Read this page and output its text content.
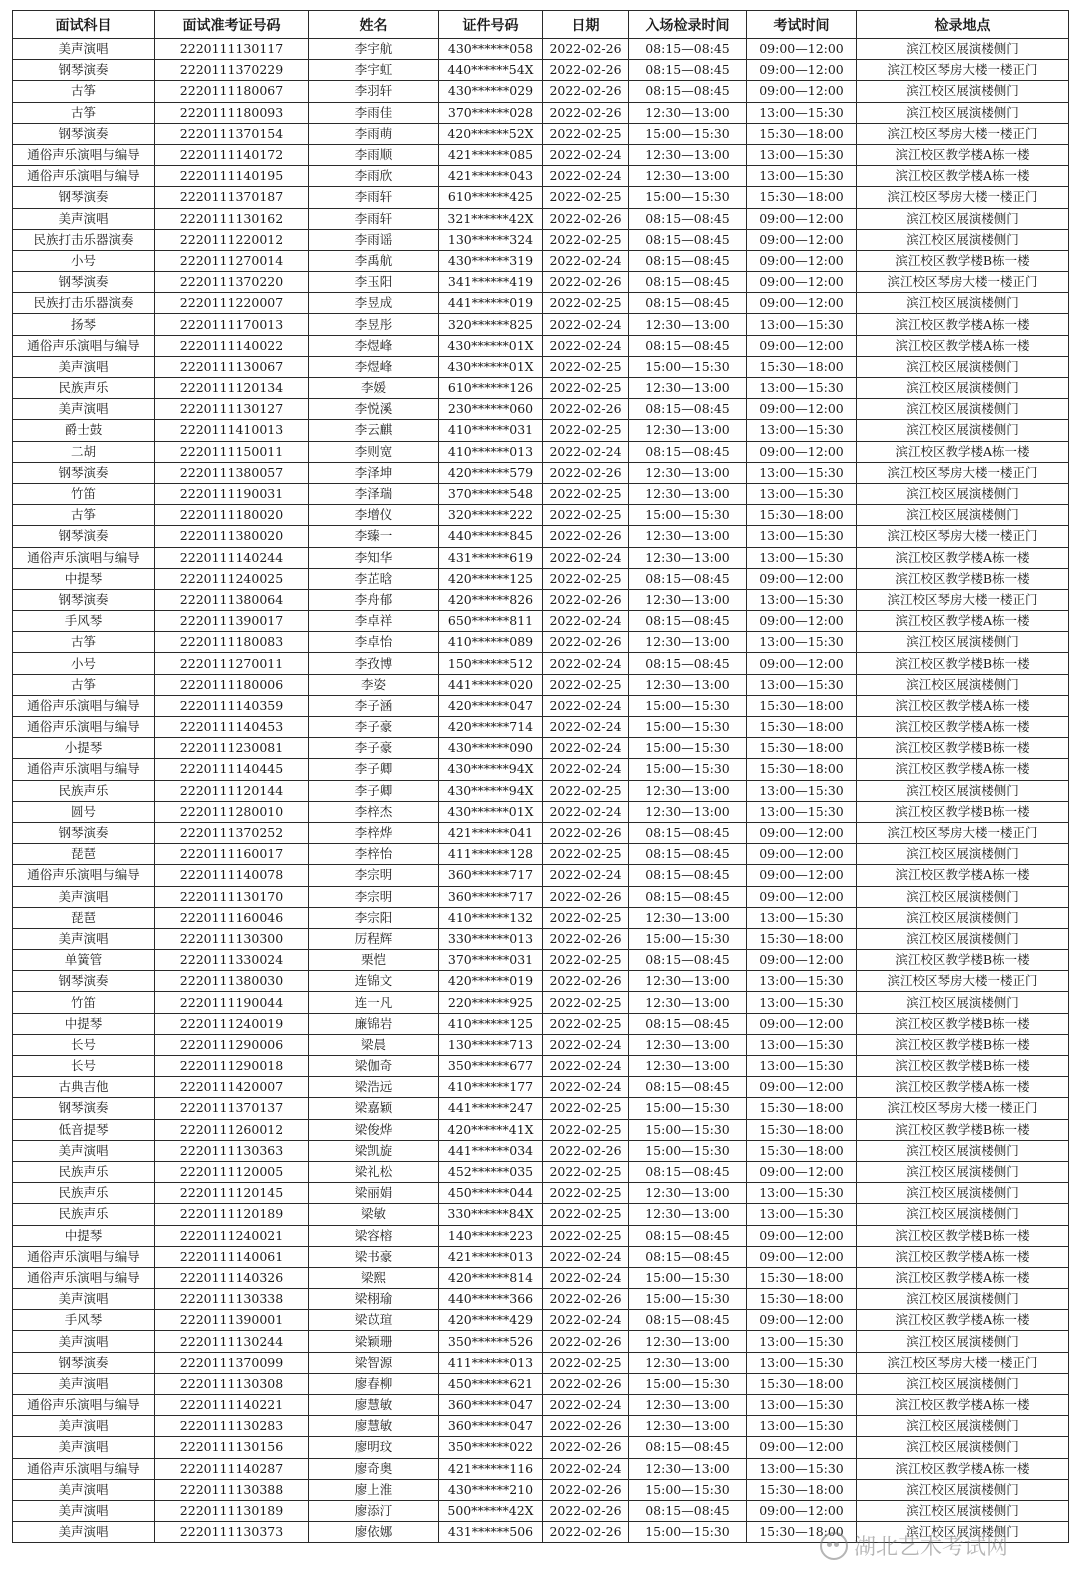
面试科目	面试准考证号码	姓名	证件号码	日期	入场检录时间	考试时间	检录地点
美声演唱	2220111130117	李宇航	430******058	2022-02-26	08:15—08:45	09:00—12:00	滨江校区展演楼侧门
钢琴演奏	2220111370229	李宇虹	440******54X	2022-02-26	08:15—08:45	09:00—12:00	滨江校区琴房大楼一楼正门
古筝	2220111180067	李羽轩	430******029	2022-02-26	08:15—08:45	09:00—12:00	滨江校区展演楼侧门
古筝	2220111180093	李雨佳	370******028	2022-02-26	12:30—13:00	13:00—15:30	滨江校区展演楼侧门
钢琴演奏	2220111370154	李雨萌	420******52X	2022-02-25	15:00—15:30	15:30—18:00	滨江校区琴房大楼一楼正门
通俗声乐演唱与编导	2220111140172	李雨顺	421******085	2022-02-24	12:30—13:00	13:00—15:30	滨江校区教学楼A栋一楼
通俗声乐演唱与编导	2220111140195	李雨欣	421******043	2022-02-24	12:30—13:00	13:00—15:30	滨江校区教学楼A栋一楼
钢琴演奏	2220111370187	李雨轩	610******425	2022-02-25	15:00—15:30	15:30—18:00	滨江校区琴房大楼一楼正门
美声演唱	2220111130162	李雨轩	321******42X	2022-02-26	08:15—08:45	09:00—12:00	滨江校区展演楼侧门
民族打击乐器演奏	2220111220012	李雨谣	130******324	2022-02-25	08:15—08:45	09:00—12:00	滨江校区展演楼侧门
小号	2220111270014	李禹航	430******319	2022-02-24	08:15—08:45	09:00—12:00	滨江校区教学楼B栋一楼
钢琴演奏	2220111370220	李玉阳	341******419	2022-02-26	08:15—08:45	09:00—12:00	滨江校区琴房大楼一楼正门
民族打击乐器演奏	2220111220007	李昱成	441******019	2022-02-25	08:15—08:45	09:00—12:00	滨江校区展演楼侧门
扬琴	2220111170013	李昱彤	320******825	2022-02-24	12:30—13:00	13:00—15:30	滨江校区教学楼A栋一楼
通俗声乐演唱与编导	2220111140022	李煜峰	430******01X	2022-02-24	08:15—08:45	09:00—12:00	滨江校区教学楼A栋一楼
美声演唱	2220111130067	李煜峰	430******01X	2022-02-25	15:00—15:30	15:30—18:00	滨江校区展演楼侧门
民族声乐	2220111120134	李媛	610******126	2022-02-25	12:30—13:00	13:00—15:30	滨江校区展演楼侧门
美声演唱	2220111130127	李悦溪	230******060	2022-02-26	08:15—08:45	09:00—12:00	滨江校区展演楼侧门
爵士鼓	2220111410013	李云麒	410******031	2022-02-25	12:30—13:00	13:00—15:30	滨江校区展演楼侧门
二胡	2220111150011	李则宽	410******013	2022-02-24	08:15—08:45	09:00—12:00	滨江校区教学楼A栋一楼
钢琴演奏	2220111380057	李泽坤	420******579	2022-02-26	12:30—13:00	13:00—15:30	滨江校区琴房大楼一楼正门
竹笛	2220111190031	李泽瑞	370******548	2022-02-25	12:30—13:00	13:00—15:30	滨江校区展演楼侧门
古筝	2220111180020	李增仪	320******222	2022-02-25	15:00—15:30	15:30—18:00	滨江校区展演楼侧门
钢琴演奏	2220111380020	李臻一	440******845	2022-02-26	12:30—13:00	13:00—15:30	滨江校区琴房大楼一楼正门
通俗声乐演唱与编导	2220111140244	李知华	431******619	2022-02-24	12:30—13:00	13:00—15:30	滨江校区教学楼A栋一楼
中提琴	2220111240025	李芷晗	420******125	2022-02-25	08:15—08:45	09:00—12:00	滨江校区教学楼B栋一楼
钢琴演奏	2220111380064	李舟郁	420******826	2022-02-26	12:30—13:00	13:00—15:30	滨江校区琴房大楼一楼正门
手风琴	2220111390017	李卓祥	650******811	2022-02-24	08:15—08:45	09:00—12:00	滨江校区教学楼A栋一楼
古筝	2220111180083	李卓怡	410******089	2022-02-26	12:30—13:00	13:00—15:30	滨江校区展演楼侧门
小号	2220111270011	李孜博	150******512	2022-02-24	08:15—08:45	09:00—12:00	滨江校区教学楼B栋一楼
古筝	2220111180006	李姿	441******020	2022-02-25	12:30—13:00	13:00—15:30	滨江校区展演楼侧门
通俗声乐演唱与编导	2220111140359	李子涵	420******047	2022-02-24	15:00—15:30	15:30—18:00	滨江校区教学楼A栋一楼
通俗声乐演唱与编导	2220111140453	李子豪	420******714	2022-02-24	15:00—15:30	15:30—18:00	滨江校区教学楼A栋一楼
小提琴	2220111230081	李子豪	430******090	2022-02-24	15:00—15:30	15:30—18:00	滨江校区教学楼B栋一楼
通俗声乐演唱与编导	2220111140445	李子卿	430******94X	2022-02-24	15:00—15:30	15:30—18:00	滨江校区教学楼A栋一楼
民族声乐	2220111120144	李子卿	430******94X	2022-02-25	12:30—13:00	13:00—15:30	滨江校区展演楼侧门
圆号	2220111280010	李梓杰	430******01X	2022-02-24	12:30—13:00	13:00—15:30	滨江校区教学楼B栋一楼
钢琴演奏	2220111370252	李梓烨	421******041	2022-02-26	08:15—08:45	09:00—12:00	滨江校区琴房大楼一楼正门
琵琶	2220111160017	李梓怡	411******128	2022-02-25	08:15—08:45	09:00—12:00	滨江校区展演楼侧门
通俗声乐演唱与编导	2220111140078	李宗明	360******717	2022-02-24	08:15—08:45	09:00—12:00	滨江校区教学楼A栋一楼
美声演唱	2220111130170	李宗明	360******717	2022-02-26	08:15—08:45	09:00—12:00	滨江校区展演楼侧门
琵琶	2220111160046	李宗阳	410******132	2022-02-25	12:30—13:00	13:00—15:30	滨江校区展演楼侧门
美声演唱	2220111130300	厉程辉	330******013	2022-02-26	15:00—15:30	15:30—18:00	滨江校区展演楼侧门
单簧管	2220111330024	栗恺	370******031	2022-02-25	08:15—08:45	09:00—12:00	滨江校区教学楼B栋一楼
钢琴演奏	2220111380030	连锦文	420******019	2022-02-26	12:30—13:00	13:00—15:30	滨江校区琴房大楼一楼正门
竹笛	2220111190044	连一凡	220******925	2022-02-25	12:30—13:00	13:00—15:30	滨江校区展演楼侧门
中提琴	2220111240019	廉锦岩	410******125	2022-02-25	08:15—08:45	09:00—12:00	滨江校区教学楼B栋一楼
长号	2220111290006	梁晨	130******713	2022-02-24	12:30—13:00	13:00—15:30	滨江校区教学楼B栋一楼
长号	2220111290018	梁伽奇	350******677	2022-02-24	12:30—13:00	13:00—15:30	滨江校区教学楼B栋一楼
古典吉他	2220111420007	梁浩远	410******177	2022-02-24	08:15—08:45	09:00—12:00	滨江校区教学楼A栋一楼
钢琴演奏	2220111370137	梁嘉颖	441******247	2022-02-25	15:00—15:30	15:30—18:00	滨江校区琴房大楼一楼正门
低音提琴	2220111260012	梁俊烨	420******41X	2022-02-25	15:00—15:30	15:30—18:00	滨江校区教学楼B栋一楼
美声演唱	2220111130363	梁凯旋	441******034	2022-02-26	15:00—15:30	15:30—18:00	滨江校区展演楼侧门
民族声乐	2220111120005	梁礼松	452******035	2022-02-25	08:15—08:45	09:00—12:00	滨江校区展演楼侧门
民族声乐	2220111120145	梁丽娟	450******044	2022-02-25	12:30—13:00	13:00—15:30	滨江校区展演楼侧门
民族声乐	2220111120189	梁敏	330******84X	2022-02-25	12:30—13:00	13:00—15:30	滨江校区展演楼侧门
中提琴	2220111240021	梁容榕	140******223	2022-02-25	08:15—08:45	09:00—12:00	滨江校区教学楼B栋一楼
通俗声乐演唱与编导	2220111140061	梁书豪	421******013	2022-02-24	08:15—08:45	09:00—12:00	滨江校区教学楼A栋一楼
通俗声乐演唱与编导	2220111140326	梁熙	420******814	2022-02-24	15:00—15:30	15:30—18:00	滨江校区教学楼A栋一楼
美声演唱	2220111130338	梁栩瑜	440******366	2022-02-26	15:00—15:30	15:30—18:00	滨江校区展演楼侧门
手风琴	2220111390001	梁苡瑄	420******429	2022-02-24	08:15—08:45	09:00—12:00	滨江校区教学楼A栋一楼
美声演唱	2220111130244	梁颖珊	350******526	2022-02-26	12:30—13:00	13:00—15:30	滨江校区展演楼侧门
钢琴演奏	2220111370099	梁智源	411******013	2022-02-25	12:30—13:00	13:00—15:30	滨江校区琴房大楼一楼正门
美声演唱	2220111130308	廖春柳	450******621	2022-02-26	15:00—15:30	15:30—18:00	滨江校区展演楼侧门
通俗声乐演唱与编导	2220111140221	廖慧敏	360******047	2022-02-24	12:30—13:00	13:00—15:30	滨江校区教学楼A栋一楼
美声演唱	2220111130283	廖慧敏	360******047	2022-02-26	12:30—13:00	13:00—15:30	滨江校区展演楼侧门
美声演唱	2220111130156	廖明玟	350******022	2022-02-26	08:15—08:45	09:00—12:00	滨江校区展演楼侧门
通俗声乐演唱与编导	2220111140287	廖奇奥	421******116	2022-02-24	12:30—13:00	13:00—15:30	滨江校区教学楼A栋一楼
美声演唱	2220111130388	廖上淮	430******210	2022-02-26	15:00—15:30	15:30—18:00	滨江校区展演楼侧门
美声演唱	2220111130189	廖添汀	500******42X	2022-02-26	08:15—08:45	09:00—12:00	滨江校区展演楼侧门
美声演唱	2220111130373	廖依娜	431******506	2022-02-26	15:00—15:30	15:30—18:00	滨江校区展演楼侧门
湖北艺术考试网
